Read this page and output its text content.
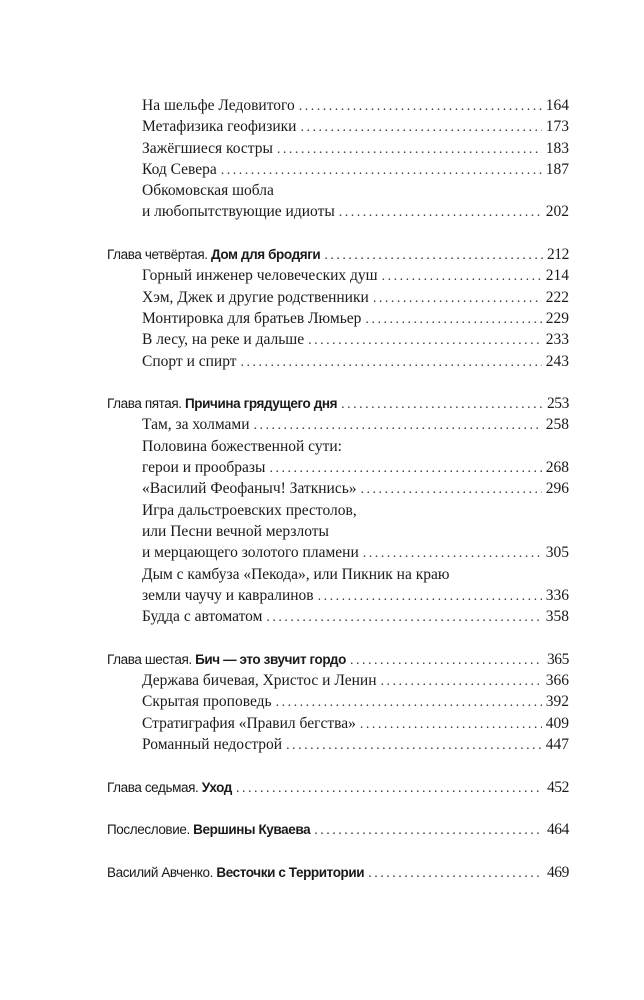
На шельфе Ледовитого . . .	164
Метафизика геофизики . . .	173
Зажёгшиеся костры . . .	183
Код Севера . . .	187
Обкомовская шобла
и любопытствующие идиоты . . .	202
Глава четвёртая. Дом для бродяги . . .	212
Горный инженер человеческих душ . . .	214
Хэм, Джек и другие родственники . . .	222
Монтировка для братьев Люмьер . . .	229
В лесу, на реке и дальше . . .	233
Спорт и спирт . . .	243
Глава пятая. Причина грядущего дня . . .	253
Там, за холмами . . .	258
Половина божественной сути:
герои и прообразы . . .	268
«Василий Феофаныч! Заткнись» . . .	296
Игра дальстроевских престолов,
или Песни вечной мерзлоты
и мерцающего золотого пламени . . .	305
Дым с камбуза «Пекода», или Пикник на краю
земли чаучу и кавралинов . . .	336
Будда с автоматом . . .	358
Глава шестая. Бич — это звучит гордо . . .	365
Держава бичевая, Христос и Ленин . . .	366
Скрытая проповедь . . .	392
Стратиграфия «Правил бегства» . . .	409
Романный недострой . . .	447
Глава седьмая. Уход . . .	452
Послесловие. Вершины Куваева . . .	464
Василий Авченко. Весточки с Территории . . .	469
